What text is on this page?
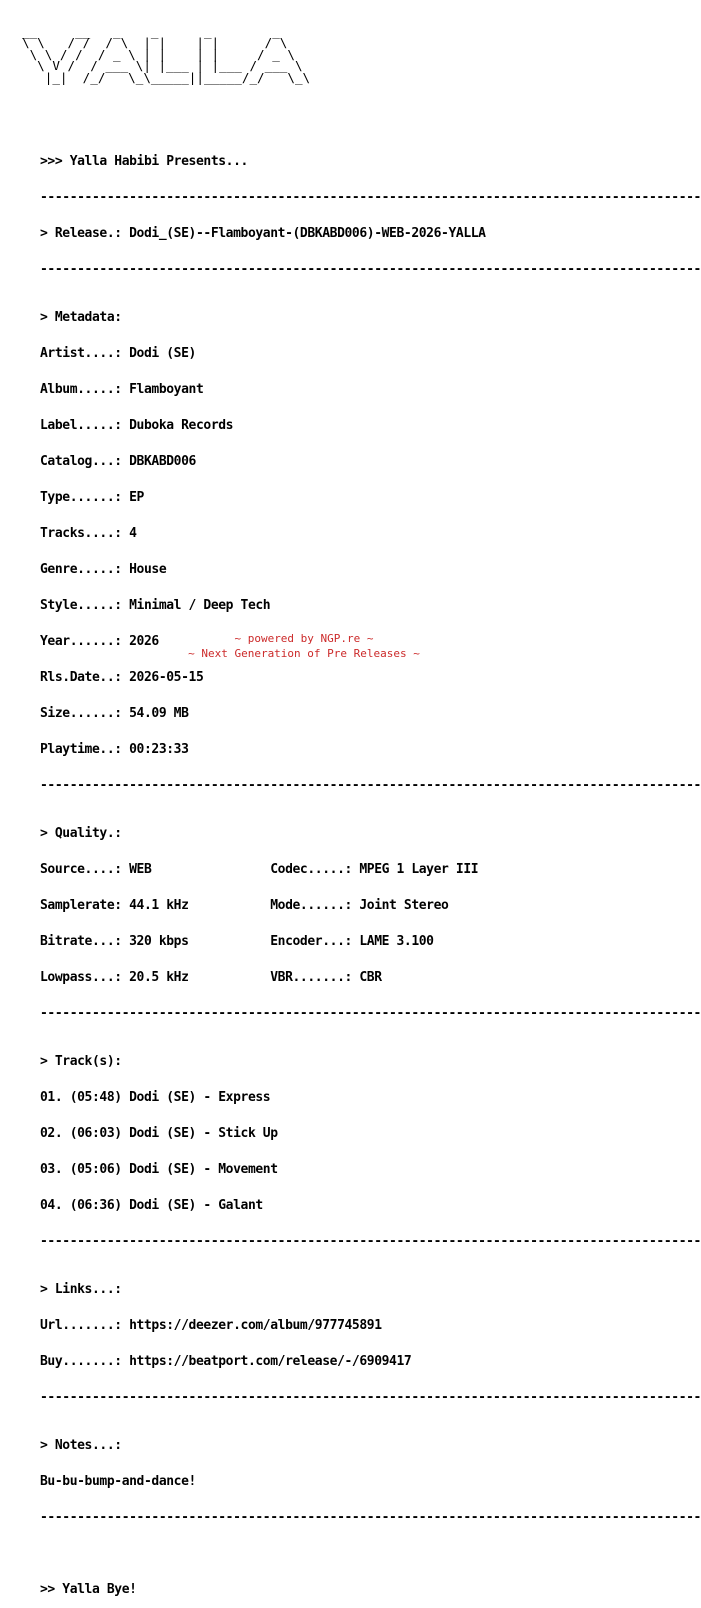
__     __   _    _      _        _
\ \   / /  / \  | |    | |      / \
\ \ / /  / _ \ | |    | |     / _ \
\ V /  / ___ \| |___ | |___ / ___ \
|_|  /_/   \_\_____||_____/_/   \_\

>>> Yalla Habibi Presents...

-----------------------------------------------------------------------------------------

> Release.: Dodi_(SE)--Flamboyant-(DBKABD006)-WEB-2026-YALLA

-----------------------------------------------------------------------------------------

> Metadata:

Artist....: Dodi (SE)

Album.....: Flamboyant

Label.....: Duboka Records

Catalog...: DBKABD006

Type......: EP

Tracks....: 4

Genre.....: House

Style.....: Minimal / Deep Tech

Year......: 2026

Rls.Date..: 2026-05-15

Size......: 54.09 MB

Playtime..: 00:23:33

-----------------------------------------------------------------------------------------

> Quality.:

Source....: WEB                Codec.....: MPEG 1 Layer III

Samplerate: 44.1 kHz           Mode......: Joint Stereo

Bitrate...: 320 kbps           Encoder...: LAME 3.100

Lowpass...: 20.5 kHz           VBR.......: CBR

-----------------------------------------------------------------------------------------

> Track(s):

01. (05:48) Dodi (SE) - Express

02. (06:03) Dodi (SE) - Stick Up

03. (05:06) Dodi (SE) - Movement

04. (06:36) Dodi (SE) - Galant

-----------------------------------------------------------------------------------------

> Links...:

Url.......: https://deezer.com/album/977745891

Buy.......: https://beatport.com/release/-/6909417

-----------------------------------------------------------------------------------------

> Notes...:

Bu-bu-bump-and-dance!

-----------------------------------------------------------------------------------------

>> Yalla Bye!

~ powered by NGP.re ~
~ Next Generation of Pre Releases ~
